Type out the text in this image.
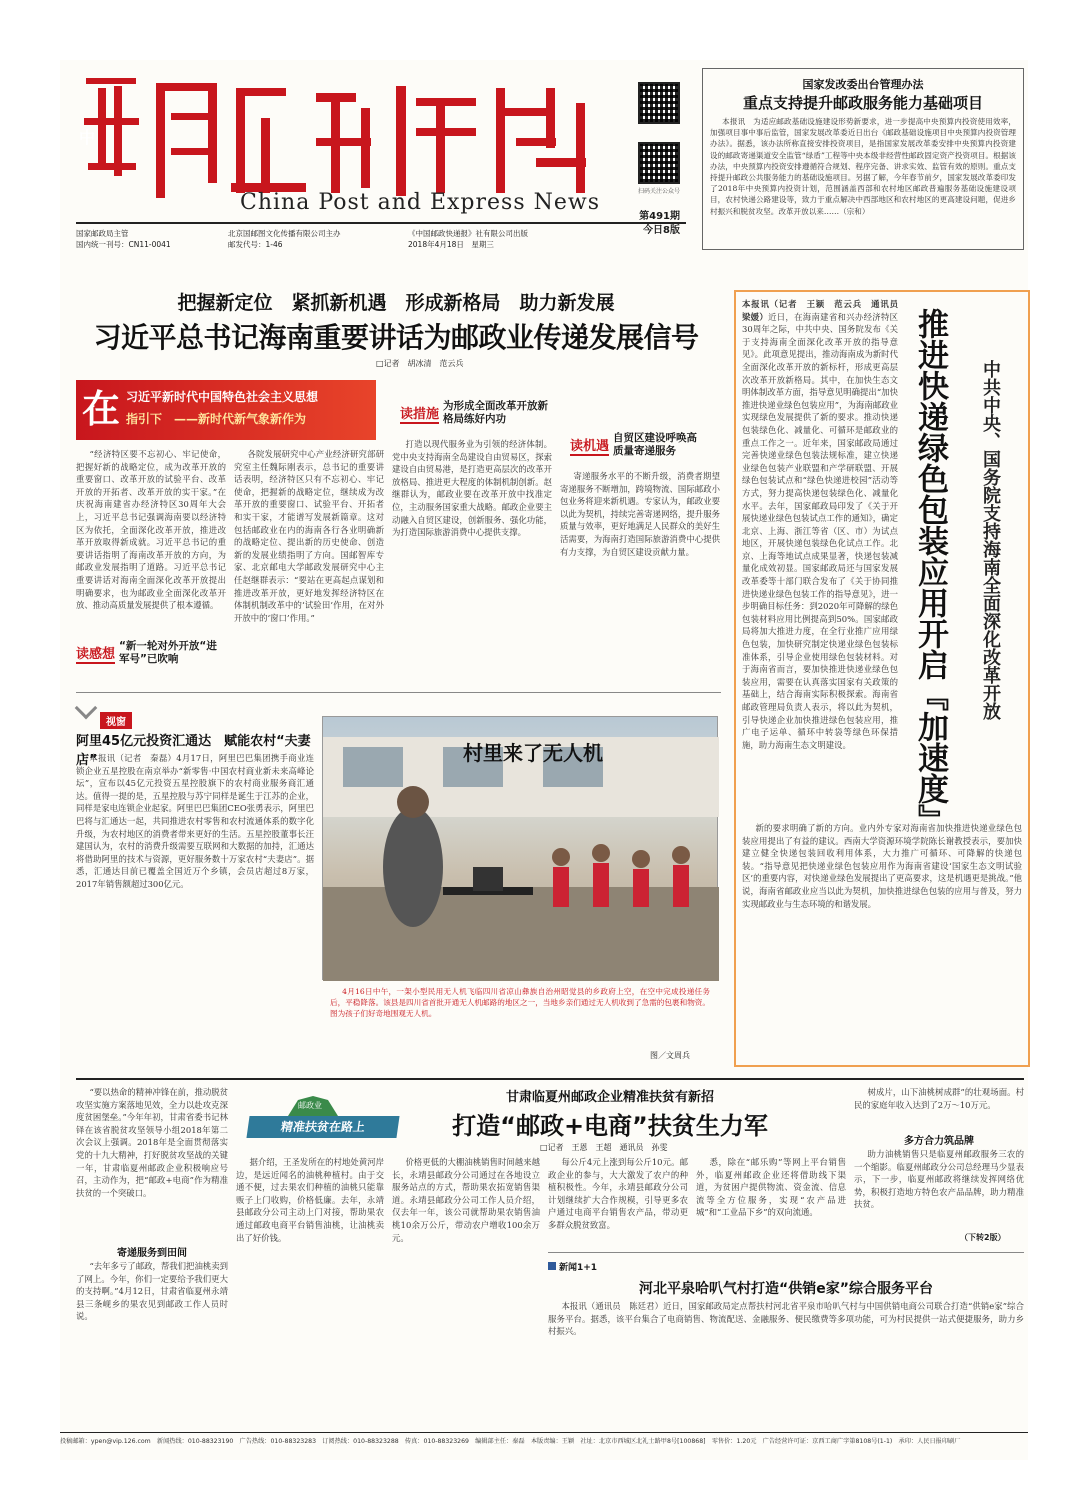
中
China Post and Express News	扫码关注公众号
国家邮政局主管
国内统一刊号：CN11-0041
北京国邮图文化传播有限公司主办
邮发代号：1-46
《中国邮政快递报》社有限公司出版
2018年4月18日　星期三
第491期
今日8版
国家发改委出台管理办法
重点支持提升邮政服务能力基础项目

本报讯　为适应邮政基础设施建设形势新要求，进一步提高中央预算内投资使用效率，加强项目事中事后监管，国家发展改革委近日出台《邮政基础设施项目中央预算内投资管理办法》。据悉，该办法所称直接安排投资项目，是指国家发展改革委安排中央预算内投资建设的邮政寄递渠道安全监管“绿盾”工程等中央本级非经营性邮政固定资产投资项目。根据该办法，中央预算内投资安排遵循符合规划、程序完备、讲求实效、监管有效的原则。重点支持提升邮政公共服务能力的基础设施项目。另据了解，今年春节前夕，国家发展改革委印发了2018年中央预算内投资计划，范围涵盖西部和农村地区邮政普遍服务基础设施建设项目，农村快递公路建设等，致力于重点解决中西部地区和农村地区的更高建设问题，促进乡村振兴和脱贫攻坚。改革开放以来……（宗和）

把握新定位　紧抓新机遇　形成新格局　助力新发展
习近平总书记海南重要讲话为邮政业传递发展信号
□记者　胡冰清　范云兵
在 习近平新时代中国特色社会主义思想
指引下　——新时代新气象新作为	读措施为形成全面改革开放新格局练好内功
读机遇自贸区建设呼唤高质量寄递服务
读感想“新一轮对外开放“进军号”已吹响

“经济特区要不忘初心、牢记使命，把握好新的战略定位，成为改革开放的重要窗口、改革开放的试验平台、改革开放的开拓者、改革开放的实干家。”在庆祝海南建省办经济特区30周年大会上，习近平总书记强调海南要以经济特区为依托，全面深化改革开放，推进改革开放取得新成就。习近平总书记的重要讲话指明了海南改革开放的方向，为邮政业发展指明了道路。习近平总书记重要讲话对海南全面深化改革开放提出明确要求，也为邮政业全面深化改革开放、推动高质量发展提供了根本遵循。

各院发展研究中心产业经济研究部研究室主任魏际刚表示，总书记的重要讲话表明，经济特区只有不忘初心、牢记使命，把握新的战略定位，继续成为改革开放的重要窗口、试验平台、开拓者和实干家，才能谱写发展新篇章。这对包括邮政业在内的海南各行各业明确新的战略定位、提出新的历史使命、创造新的发展业绩指明了方向。国邮智库专家、北京邮电大学邮政发展研究中心主任赵继群表示：“要站在更高起点谋划和推进改革开放，更好地发挥经济特区在体制机制改革中的‘试验田’作用，在对外开放中的‘窗口’作用。”

打造以现代服务业为引领的经济体制。党中央支持海南全岛建设自由贸易区，探索建设自由贸易港，是打造更高层次的改革开放格局、推进更大程度的体制机制创新。赵继群认为，邮政业要在改革开放中找准定位，主动服务国家重大战略。邮政企业要主动融入自贸区建设，创新服务、强化功能，为打造国际旅游消费中心提供支撑。

寄递服务水平的不断升级，消费者期望寄递服务不断增加，跨境物流、国际邮政小包业务将迎来新机遇。专家认为，邮政业要以此为契机，持续完善寄递网络，提升服务质量与效率，更好地满足人民群众的美好生活需要，为海南打造国际旅游消费中心提供有力支撑，为自贸区建设贡献力量。

视窗
阿里45亿元投资汇通达　赋能农村“夫妻店”

本报讯（记者　秦磊）4月17日，阿里巴巴集团携手商业连锁企业五星控股在南京举办“新零售·中国农村商业新未来高峰论坛”，宣布以45亿元投资五星控股旗下的农村商业服务商汇通达。值得一提的是，五星控股与苏宁同样是诞生于江苏的企业，同样是家电连锁企业起家。阿里巴巴集团CEO张勇表示，阿里巴巴将与汇通达一起，共同推进农村零售和农村流通体系的数字化升级，为农村地区的消费者带来更好的生活。五星控股董事长汪建国认为，农村的消费升级需要互联网和大数据的加持，汇通达将借助阿里的技术与资源，更好服务数十万家农村“夫妻店”。据悉，汇通达目前已覆盖全国近万个乡镇，会员店超过8万家，2017年销售额超过300亿元。

村里来了无人机

4月16日中午，一架小型民用无人机飞临四川省凉山彝族自治州昭觉县的乡政府上空，在空中完成投递任务后，平稳降落。该县是四川省首批开通无人机邮路的地区之一，当地乡亲们通过无人机收到了急需的包裹和物资。图为孩子们好奇地围观无人机。

图／文周兵

本报讯（记者　王颖　范云兵　通讯员　梁媛）近日，在海南建省和兴办经济特区30周年之际，中共中央、国务院发布《关于支持海南全面深化改革开放的指导意见》。此项意见提出，推动海南成为新时代全面深化改革开放的新标杆，形成更高层次改革开放新格局。其中，在加快生态文明体制改革方面，指导意见明确提出“加快推进快递业绿色包装应用”，为海南邮政业实现绿色发展提供了新的要求。推动快递包装绿色化、减量化、可循环是邮政业的重点工作之一。近年来，国家邮政局通过完善快递业绿色包装法规标准，建立快递业绿色包装产业联盟和产学研联盟、开展绿色包装试点和“绿色快递进校园”活动等方式，努力提高快递包装绿色化、减量化水平。去年，国家邮政局印发了《关于开展快递业绿色包装试点工作的通知》，确定北京、上海、浙江等省（区、市）为试点地区，开展快递包装绿色化试点工作。北京、上海等地试点成果显著，快递包装减量化成效初显。国家邮政局还与国家发展改革委等十部门联合发布了《关于协同推进快递业绿色包装工作的指导意见》，进一步明确目标任务：到2020年可降解的绿色包装材料应用比例提高到50%。国家邮政局将加大推进力度，在全行业推广应用绿色包装，加快研究制定快递业绿色包装标准体系，引导企业使用绿色包装材料。对于海南省而言，要加快推进快递业绿色包装应用，需要在认真落实国家有关政策的基础上，结合海南实际积极探索。海南省邮政管理局负责人表示，将以此为契机，引导快递企业加快推进绿色包装应用，推广电子运单、循环中转袋等绿色环保措施，助力海南生态文明建设。	推进快递绿色包装应用开启『加速度』 中共中央、国务院支持海南全面深化改革开放

新的要求明确了新的方向。业内外专家对海南省加快推进快递业绿色包装应用提出了有益的建议。西南大学资源环境学院陈长谢教授表示，要加快建立健全快递包装回收利用体系，大力推广可循环、可降解的快递包装。“指导意见把快递业绿色包装应用作为海南省建设‘国家生态文明试验区’的重要内容，对快递业绿色发展提出了更高要求，这是机遇更是挑战。”他说，海南省邮政业应当以此为契机，加快推进绿色包装的应用与普及，努力实现邮政业与生态环境的和谐发展。

邮政业
精准扶贫在路上
甘肃临夏州邮政企业精准扶贫有新招
打造“邮政+电商”扶贫生力军
□记者　王恩　王超　通讯员　孙雯

“要以热命的精神冲锋在前，推动脱贫攻坚实施方案落地见效，全力以赴攻克深度贫困堡垒。”今年年初，甘肃省委书记林铎在该省脱贫攻坚领导小组2018年第二次会议上强调。2018年是全面贯彻落实党的十九大精神，打好脱贫攻坚战的关键一年，甘肃临夏州邮政企业积极响应号召，主动作为，把“邮政+电商”作为精准扶贫的一个突破口。

寄递服务到田间

“去年多亏了邮政，帮我们把油桃卖到了网上。今年，你们一定要给予我们更大的支持啊。”4月12日，甘肃省临夏州永靖县三条岘乡的果农见到邮政工作人员时说。

据介绍，王圣发所在的村地处黄河岸边，是远近闻名的油桃种植村。由于交通不便，过去果农们种植的油桃只能靠贩子上门收购，价格低廉。去年，永靖县邮政分公司主动上门对接，帮助果农通过邮政电商平台销售油桃，让油桃卖出了好价钱。

价格更低的大棚油桃销售时间越来越长，永靖县邮政分公司通过在各地设立服务站点的方式，帮助果农拓宽销售渠道。永靖县邮政分公司工作人员介绍，仅去年一年，该公司就帮助果农销售油桃10余万公斤，带动农户增收100余万元。

每公斤4元上涨到每公斤10元。邮政企业的参与，大大激发了农户的种植积极性。今年，永靖县邮政分公司计划继续扩大合作规模，引导更多农户通过电商平台销售农产品，带动更多群众脱贫致富。

悉，除在“邮乐购”等网上平台销售外，临夏州邮政企业还将借助线下渠道，为贫困户提供物流、资金流、信息流等全方位服务，实现“农产品进城”和“工业品下乡”的双向流通。

树成片，山下油桃树成群”的壮观场面。村民的家庭年收入达到了2万～10万元。

多方合力筑品牌

助力油桃销售只是临夏州邮政服务三农的一个缩影。临夏州邮政分公司总经理马少显表示，下一步，临夏州邮政将继续发挥网络优势，积极打造地方特色农产品品牌，助力精准扶贫。

（下转2版）
新闻1+1
河北平泉哈叭气村打造“供销e家”综合服务平台

本报讯（通讯员　陈廷君）近日，国家邮政局定点帮扶村河北省平泉市哈叭气村与中国供销电商公司联合打造“供销e家”综合服务平台。据悉，该平台集合了电商销售、物流配送、金融服务、便民缴费等多项功能，可为村民提供一站式便捷服务，助力乡村振兴。

投稿邮箱：ypen@vip.126.com　新闻热线：010-88323190　广告热线：010-88323283　订阅热线：010-88323288　传真：010-88323269　编辑部主任：秦磊　本版责编：王颖　社址：北京市西城区北礼士路甲8号[100868]　零售价：1.20元　广告经营许可证：京西工商广字第8108号(1-1)　承印：人民日报印刷厂
